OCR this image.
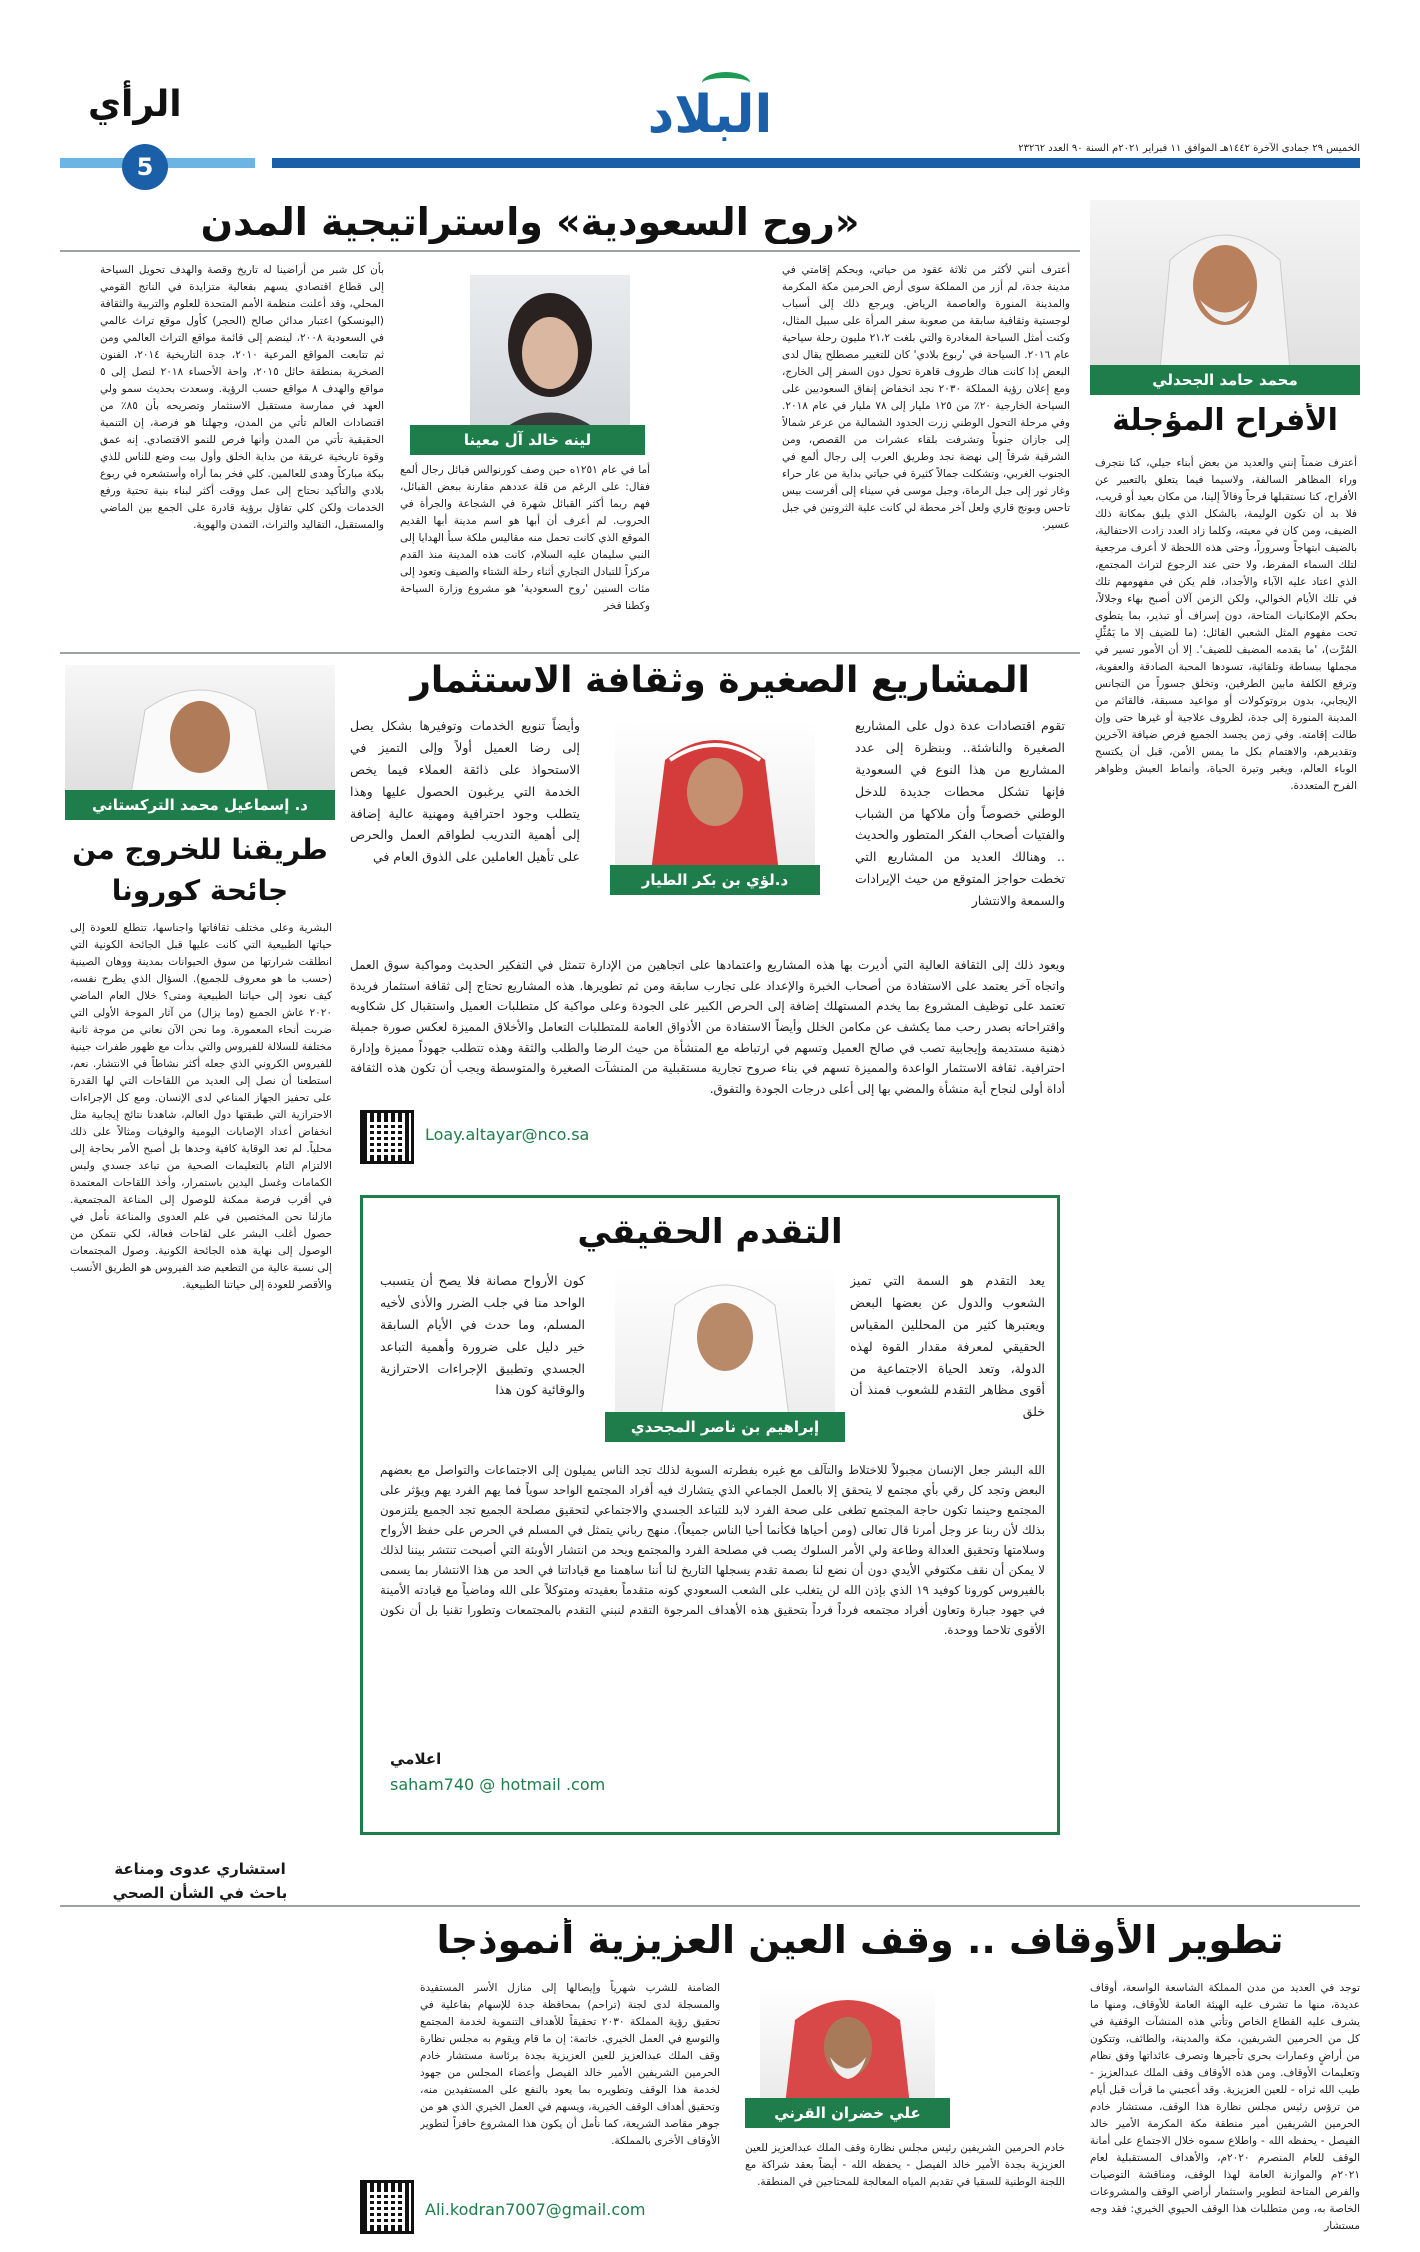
البلاد
الرأي
5
الخميس ٢٩ جمادى الآخرة ١٤٤٢هـ الموافق ١١ فبراير ٢٠٢١م السنة ٩٠ العدد ٢٣٢٦٢
«روح السعودية» واستراتيجية المدن
أعترف أنني لأكثر من ثلاثة عقود من حياتي، وبحكم إقامتي في مدينة جدة، لم أزر من المملكة سوى أرض الحرمين مكة المكرمة والمدينة المنورة والعاصمة الرياض. ويرجع ذلك إلى أسباب لوجستية وثقافية سابقة من صعوبة سفر المرأة على سبيل المثال، وكنت أمثل السياحة المغادرة والتي بلغت ٢١،٢ مليون رحلة سياحية عام ٢٠١٦. السياحة في 'ربوع بلادي' كان للتغيير مصطلح يقال لدى البعض إذا كانت هناك ظروف قاهرة تحول دون السفر إلى الخارج، ومع إعلان رؤية المملكة ٢٠٣٠ نجد انخفاض إنفاق السعوديين على السياحة الخارجية ٢٠٪ من ١٢٥ مليار إلى ٧٨ مليار في عام ٢٠١٨. وفي مرحلة التحول الوطني زرت الحدود الشمالية من عرعر شمالاً إلى جازان جنوباً وتشرفت بلقاء عشرات من القصص، ومن الشرقية شرقاً إلى نهضة نجد وطريق العرب إلى رجال ألمع في الجنوب الغربي، وتشكلت جمالاً كثيرة في حياتي بداية من عار حراء وغار ثور إلى جبل الرماة، وجبل موسى في سيناء إلى أفرست بيس تاحس وبونج قاري ولعل آخر محطة لي كانت علية الثروتين في جبل عسير.
لينه خالد آل معينا
أما في عام ١٢٥١ه حين وصف كورنوالس فبائل رجال ألمع فقال: على الرغم من قلة عددهم مقارنة ببعض القبائل، فهم ربما أكثر القبائل شهرة في الشجاعة والجرأة في الحروب. لم أعرف أن أبها هو اسم مدينة أبها القديم الموقع الذي كانت تحمل منه مقاليس ملكة سبأ الهدايا إلى النبي سليمان عليه السلام، كانت هذه المدينة منذ القدم مركزاً للتبادل التجاري أثناء رحلة الشتاء والصيف وتعود إلى مئات السنين 'روح السعودية' هو مشروع وزارة السياحة وكطنا فخر
بأن كل شبر من أراضينا له تاريخ وقصة والهدف تحويل السياحة إلى قطاع اقتصادي يسهم بفعالية متزايدة في الناتج القومي المحلي، وقد أعلنت منظمة الأمم المتحدة للعلوم والتربية والثقافة (اليونسكو) اعتبار مدائن صالح (الحجر) كأول موقع تراث عالمي في السعودية ٢٠٠٨، لينضم إلى قائمة مواقع التراث العالمي ومن ثم تتابعت المواقع المرعية ٢٠١٠، جدة التاريخية ٢٠١٤، الفنون الصخرية بمنطقة حائل ٢٠١٥، واحة الأحساء ٢٠١٨ لتصل إلى ٥ مواقع والهدف ٨ مواقع حسب الرؤية. وسعدت بحديث سمو ولي العهد في ممارسة مستقبل الاستثمار وتصريحه بأن ٨٥٪ من اقتصادات العالم تأتي من المدن، وجهلنا هو فرصة، إن التنمية الحقيقية تأتي من المدن وأنها فرص للنمو الاقتصادي. إنه عمق وقوة تاريخية عريقة من بداية الخلق وأول بيت وضع للناس للذي ببكة مباركاً وهدى للعالمين. كلي فخر بما أراه وأستشعره في ربوع بلادي والتأكيد نحتاج إلى عمل ووقت أكثر لبناء بنية تحتية ورفع الخدمات ولكن كلي تفاؤل برؤية قادرة على الجمع بين الماضي والمستقبل، التقاليد والتراث، التمدن والهوية.
محمد حامد الجحدلي
الأفراح المؤجلة
أعترف ضمناً إنني والعديد من بعض أبناء جيلي، كنا نتجرف وراء المظاهر السالفة، ولاسيما فيما يتعلق بالتعبير عن الأفراح، كنا نستقبلها فرحاً وفالاً إلينا، من مكان بعيد أو قريب، فلا بد أن تكون الوليمة، بالشكل الذي يليق بمكانة ذلك الضيف، ومن كان في معيته، وكلما زاد العدد زادت الاحتفالية، بالضيف ابتهاجاً وسروراً، وحتى هذه اللحظة لا أعرف مرجعية لتلك السماء المفرط، ولا حتى عند الرجوع لتراث المجتمع، الذي اعتاد عليه الآباء والأجداد، فلم يكن في مفهومهم تلك في تلك الأيام الخوالي، ولكن الزمن آلان أصبح بهاء وجلالاً، بحكم الإمكانيات المتاحة، دون إسراف أو تبذير، بما يتطوى تحت مفهوم المثل الشعبي القائل: (ما للضيف إلا ما يَمُثِّلِ المُرَّت)، 'ما يقدمه المضيف للضيف'. إلا أن الأمور تسير في مجملها ببساطة وتلقائية، تسودها المحبة الصادقة والعفوية، وترفع الكلفة مابين الطرفين، وتخلق جسوراً من التجانس الإيجابي، بدون بروتوكولات أو مواعيد مسبقة، فالقائم من المدينة المنورة إلى جدة، لظروف علاجية أو غيرها حتى وإن طالت إقامته. وفي زمن يجسد الجميع فرص ضيافة الآخرين وتقديرهم، والاهتمام بكل ما يمس الأمن، قبل أن يكتسح الوباء العالم، ويغير وتيرة الحياة، وأنماط العيش وظواهر الفرح المتعددة.
المشاريع الصغيرة وثقافة الاستثمار
تقوم اقتصادات عدة دول على المشاريع الصغيرة والناشئة.. وبنظرة إلى عدد المشاريع من هذا النوع في السعودية فإنها تشكل محطات جديدة للدخل الوطني خصوصاً وأن ملاكها من الشباب والفتيات أصحاب الفكر المتطور والحديث .. وهنالك العديد من المشاريع التي تخطت حواجز المتوقع من حيث الإيرادات والسمعة والانتشار
د.لؤي بن بكر الطيار
وأيضاً تنويع الخدمات وتوفيرها بشكل يصل إلى رضا العميل أولاً وإلى التميز في الاستحواذ على ذائقة العملاء فيما يخص الخدمة التي يرغبون الحصول عليها وهذا يتطلب وجود احترافية ومهنية عالية إضافة إلى أهمية التدريب لطواقم العمل والحرص على تأهيل العاملين على الذوق العام في
ويعود ذلك إلى الثقافة العالية التي أديرت بها هذه المشاريع واعتمادها على اتجاهين من الإدارة تتمثل في التفكير الحديث ومواكبة سوق العمل واتجاه آخر يعتمد على الاستفادة من أصحاب الخبرة والإعداد على تجارب سابقة ومن ثم تطويرها. هذه المشاريع تحتاج إلى ثقافة استثمار فريدة تعتمد على توظيف المشروع بما يخدم المستهلك إضافة إلى الحرص الكبير على الجودة وعلى مواكبة كل متطلبات العميل واستقبال كل شكاويه واقتراحاته بصدر رحب مما يكشف عن مكامن الخلل وأيضاً الاستفادة من الأذواق العامة للمتطلبات التعامل والأخلاق المميزة لعكس صورة جميلة ذهنية مستديمة وإيجابية تصب في صالح العميل وتسهم في ارتباطه مع المنشأة من حيث الرضا والطلب والثقة وهذه تتطلب جهوداً مميزة وإدارة احترافية. ثقافة الاستثمار الواعدة والمميزة تسهم في بناء صروح تجارية مستقبلية من المنشآت الصغيرة والمتوسطة ويجب أن تكون هذه الثقافة أداة أولى لنجاح أية منشأة والمضي بها إلى أعلى درجات الجودة والتفوق.
Loay.altayar@nco.sa
د. إسماعيل محمد التركستاني
طريقنا للخروج من جائحة كورونا
البشرية وعلى مختلف ثقافاتها واجناسها، تتطلع للعودة إلى حياتها الطبيعية التي كانت عليها قبل الجائحة الكونية التي انطلقت شرارتها من سوق الحيوانات بمدينة ووهان الصينية (حسب ما هو معروف للجميع). السؤال الذي يطرح نفسه، كيف نعود إلى حياتنا الطبيعية ومتى؟ خلال العام الماضي ٢٠٢٠ عاش الجميع (وما يزال) من آثار الموجة الأولى التي ضربت أنحاء المعمورة. وما نحن الآن نعاني من موجة ثانية مختلفة للسلالة للفيروس والتي بدأت مع ظهور طفرات جينية للفيروس الكروني الذي جعله أكثر نشاطاً في الانتشار. نعم، استطعنا أن نصل إلى العديد من اللقاحات التي لها القدرة على تحفيز الجهاز المناعي لدى الإنسان. ومع كل الإجراءات الاحترازية التي طبقتها دول العالم، شاهدنا نتائج إيجابية مثل انخفاض أعداد الإصابات اليومية والوفيات ومثالاً على ذلك محلياً. لم تعد الوقاية كافية وحدها بل أصبح الأمر بحاجة إلى الالتزام التام بالتعليمات الصحية من تباعد جسدي ولبس الكمامات وغسل اليدين باستمرار، وأخذ اللقاحات المعتمدة في أقرب فرصة ممكنة للوصول إلى المناعة المجتمعية. مازلنا نحن المختصين في علم العدوى والمناعة نأمل في حصول أغلب البشر على لقاحات فعالة، لكي نتمكن من الوصول إلى نهاية هذه الجائحة الكونية. وصول المجتمعات إلى نسبة عالية من التطعيم ضد الفيروس هو الطريق الأنسب والأقصر للعودة إلى حياتنا الطبيعية.
استشاري عدوى ومناعة
باحث في الشأن الصحي
التقدم الحقيقي
يعد التقدم هو السمة التي تميز الشعوب والدول عن بعضها البعض ويعتبرها كثير من المحللين المقياس الحقيقي لمعرفة مقدار القوة لهذه الدولة، وتعد الحياة الاجتماعية من أقوى مظاهر التقدم للشعوب فمنذ أن خلق
إبراهيم بن ناصر المجحدي
كون الأرواح مصانة فلا يصح أن يتسبب الواحد منا في جلب الضرر والأذى لأخيه المسلم، وما حدث في الأيام السابقة خير دليل على ضرورة وأهمية التباعد الجسدي وتطبيق الإجراءات الاحترازية والوقائية كون هذا
الله البشر جعل الإنسان مجبولاً للاختلاط والتآلف مع غيره بفطرته السوية لذلك تجد الناس يميلون إلى الاجتماعات والتواصل مع بعضهم البعض وتجد كل رقي بأي مجتمع لا يتحقق إلا بالعمل الجماعي الذي يتشارك فيه أفراد المجتمع الواحد سوياً فما يهم الفرد يهم ويؤثر على المجتمع وحينما تكون حاجة المجتمع تطغى على صحة الفرد لابد للتباعد الجسدي والاجتماعي لتحقيق مصلحة الجميع تجد الجميع يلتزمون بذلك لأن ربنا عز وجل أمرنا قال تعالى (ومن أحياها فكأنما أحيا الناس جميعاً). منهج رباني يتمثل في المسلم في الحرص على حفظ الأرواح وسلامتها وتحقيق العدالة وطاعة ولي الأمر السلوك يصب في مصلحة الفرد والمجتمع ويحد من انتشار الأوبئة التي أصبحت تنتشر بيننا لذلك لا يمكن أن نقف مكتوفي الأيدي دون أن نضع لنا بصمة تقدم يسجلها التاريخ لنا أننا ساهمنا مع قياداتنا في الحد من هذا الانتشار بما يسمى بالفيروس كورونا كوفيد ١٩ الذي بإذن الله لن يتغلب على الشعب السعودي كونه متقدماً بعقيدته ومتوكلاً على الله وماضياً مع قيادته الأمينة في جهود جبارة وتعاون أفراد مجتمعه فرداً فرداً بتحقيق هذه الأهداف المرجوة التقدم لنبني التقدم بالمجتمعات وتطورا تقنيا بل أن نكون الأقوى تلاحما ووحدة.
اعلامي
saham740 @ hotmail .com
تطوير الأوقاف .. وقف العين العزيزية أنموذجا
توجد في العديد من مدن المملكة الشاسعة الواسعة، أوقاف عديدة، منها ما تشرف عليه الهيئة العامة للأوقاف، ومنها ما يشرف عليه القطاع الخاص وتأتي هذه المنشآت الوقفية في كل من الحرمين الشريفين، مكة والمدينة، والطائف، وتتكون من أراضٍ وعمارات بحرى تأجيرها وتصرف عائداتها وفق نظام وتعليمات الأوقاف. ومن هذه الأوقاف وقف الملك عبدالعزيز - طيب الله ثراه - للعين العزيزية. وقد أعجبني ما قرأت قبل أيام من ترؤس رئيس مجلس نظارة هذا الوقف، مستشار خادم الحرمين الشريفين أمير منطقة مكة المكرمة الأمير خالد الفيصل - يحفظه الله - واطلاع سموه خلال الاجتماع على أمانة الوقف للعام المنصرم ٢٠٢٠م، والأهداف المستقبلية لعام ٢٠٢١م والموازنة العامة لهذا الوقف، ومناقشة التوصيات والفرص المتاحة لتطوير واستثمار أراضي الوقف والمشروعات الخاصة به، ومن متطلبات هذا الوقف الحيوي الخيري: فقد وجه مستشار
علي خضران القرني
خادم الحرمين الشريفين رئيس مجلس نظارة وقف الملك عبدالعزيز للعين العزيزية بجدة الأمير خالد الفيصل - يحفظه الله - أيضاً بعقد شراكة مع اللجنة الوطنية للسقيا في تقديم المياه المعالجة للمحتاجين في المنطقة.
الضامنة للشرب شهرياً وإيصالها إلى منازل الأسر المستفيدة والمسجلة لدى لجنة (تراحم) بمحافظة جدة للإسهام بفاعلية في تحقيق رؤية المملكة ٢٠٣٠ تحقيقاً للأهداف التنموية لخدمة المجتمع والتوسع في العمل الخيري. خاتمة: إن ما قام ويقوم به مجلس نظارة وقف الملك عبدالعزيز للعين العزيزية بجدة برئاسة مستشار خادم الحرمين الشريفين الأمير خالد الفيصل وأعضاء المجلس من جهود لخدمة هذا الوقف وتطويره بما يعود بالنفع على المستفيدين منه، وتحقيق أهداف الوقف الخيرية، ويسهم في العمل الخيري الذي هو من جوهر مقاصد الشريعة، كما نأمل أن يكون هذا المشروع حافزاً لتطوير الأوقاف الأخرى بالمملكة.
Ali.kodran7007@gmail.com
